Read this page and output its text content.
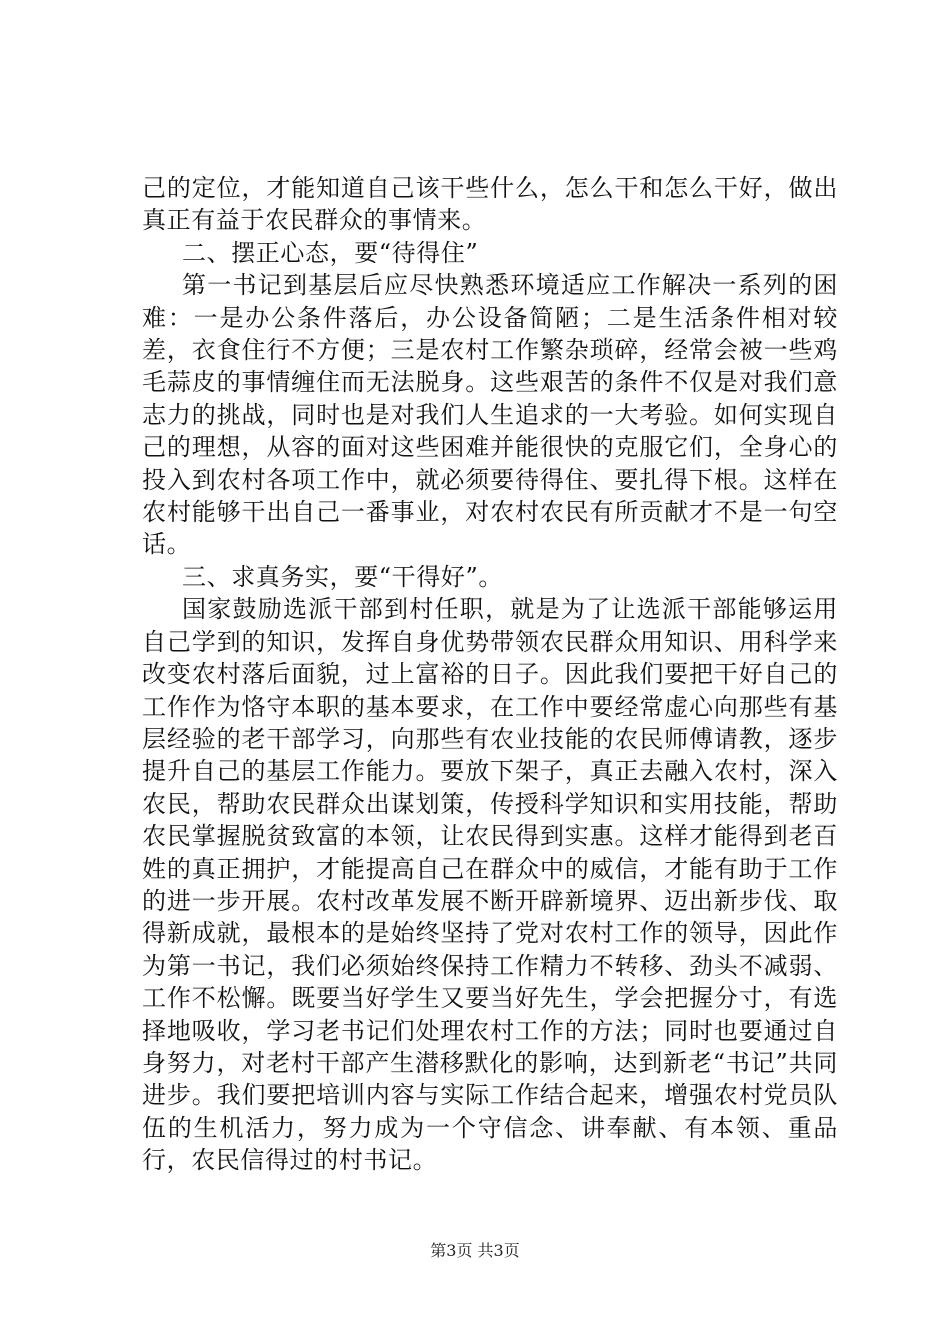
己的定位，才能知道自己该干些什么，怎么干和怎么干好，做出真正有益于农民群众的事情来。

二、摆正心态，要“待得住”

第一书记到基层后应尽快熟悉环境适应工作解决一系列的困难：一是办公条件落后，办公设备简陋；二是生活条件相对较差，衣食住行不方便；三是农村工作繁杂琐碎，经常会被一些鸡毛蒜皮的事情缠住而无法脱身。这些艰苦的条件不仅是对我们意志力的挑战，同时也是对我们人生追求的一大考验。如何实现自己的理想，从容的面对这些困难并能很快的克服它们，全身心的投入到农村各项工作中，就必须要待得住、要扎得下根。这样在农村能够干出自己一番事业，对农村农民有所贡献才不是一句空话。

三、求真务实，要“干得好”。

国家鼓励选派干部到村任职，就是为了让选派干部能够运用自己学到的知识，发挥自身优势带领农民群众用知识、用科学来改变农村落后面貌，过上富裕的日子。因此我们要把干好自己的工作作为恪守本职的基本要求，在工作中要经常虚心向那些有基层经验的老干部学习，向那些有农业技能的农民师傅请教，逐步提升自己的基层工作能力。要放下架子，真正去融入农村，深入农民，帮助农民群众出谋划策，传授科学知识和实用技能，帮助农民掌握脱贫致富的本领，让农民得到实惠。这样才能得到老百姓的真正拥护，才能提高自己在群众中的威信，才能有助于工作的进一步开展。农村改革发展不断开辟新境界、迈出新步伐、取得新成就，最根本的是始终坚持了党对农村工作的领导，因此作为第一书记，我们必须始终保持工作精力不转移、劲头不减弱、工作不松懈。既要当好学生又要当好先生，学会把握分寸，有选择地吸收，学习老书记们处理农村工作的方法；同时也要通过自身努力，对老村干部产生潜移默化的影响，达到新老“书记”共同进步。我们要把培训内容与实际工作结合起来，增强农村党员队伍的生机活力，努力成为一个守信念、讲奉献、有本领、重品行，农民信得过的村书记。

第3页 共3页
